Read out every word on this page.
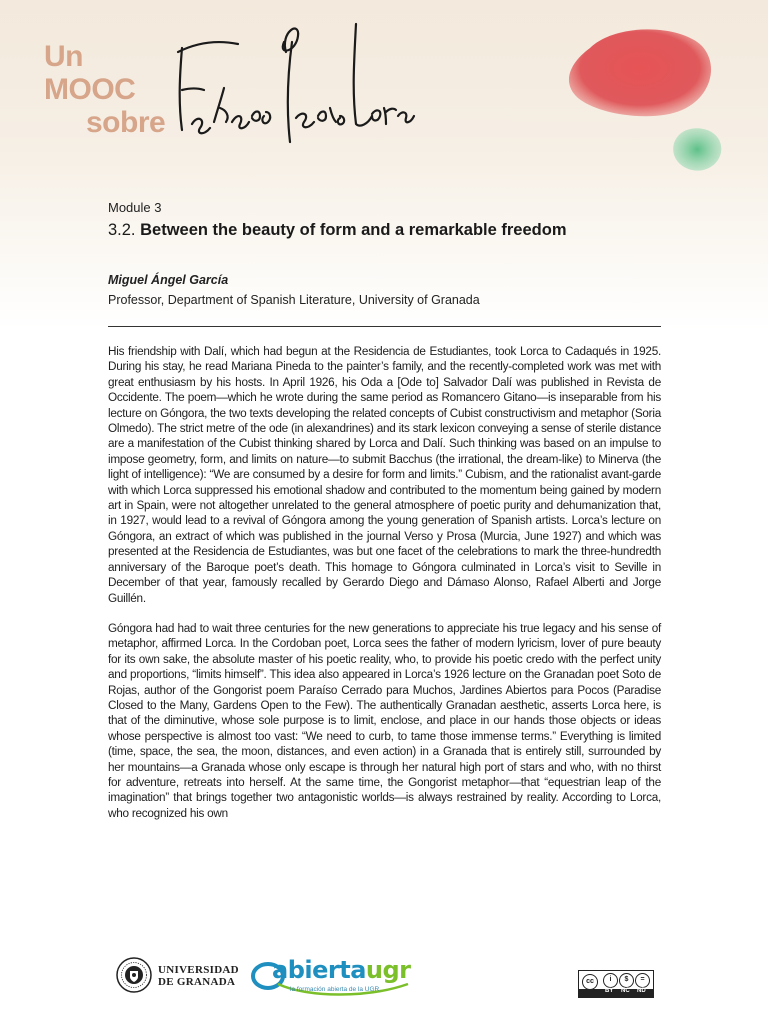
Un MOOC
sobre
Module 3
3.2. Between the beauty of form and a remarkable freedom
Miguel Ángel García
Professor, Department of Spanish Literature, University of Granada

His friendship with Dalí, which had begun at the Residencia de Estudiantes, took Lorca to Cadaqués in 1925. During his stay, he read Mariana Pineda to the painter’s family, and the recently-completed work was met with great enthusiasm by his hosts. In April 1926, his Oda a [Ode to] Salvador Dalí was published in Revista de Occidente. The poem—which he wrote during the same period as Romancero Gitano—is inseparable from his lecture on Góngora, the two texts developing the related concepts of Cubist constructivism and metaphor (Soria Olmedo). The strict metre of the ode (in alexandrines) and its stark lexicon conveying a sense of sterile distance are a manifestation of the Cubist thinking shared by Lorca and Dalí. Such thinking was based on an impulse to impose geometry, form, and limits on nature—to submit Bacchus (the irrational, the dream-like) to Minerva (the light of intelligence): “We are consumed by a desire for form and limits.” Cubism, and the rationalist avant-garde with which Lorca suppressed his emotional shadow and contributed to the momentum being gained by modern art in Spain, were not altogether unrelated to the general atmosphere of poetic purity and dehumanization that, in 1927, would lead to a revival of Góngora among the young generation of Spanish artists. Lorca’s lecture on Góngora, an extract of which was published in the journal Verso y Prosa (Murcia, June 1927) and which was presented at the Residencia de Estudiantes, was but one facet of the celebrations to mark the three-hundredth anniversary of the Baroque poet’s death. This homage to Góngora culminated in Lorca’s visit to Seville in December of that year, famously recalled by Gerardo Diego and Dámaso Alonso, Rafael Alberti and Jorge Guillén.

Góngora had had to wait three centuries for the new generations to appreciate his true legacy and his sense of metaphor, affirmed Lorca. In the Cordoban poet, Lorca sees the father of modern lyricism, lover of pure beauty for its own sake, the absolute master of his poetic reality, who, to provide his poetic credo with the perfect unity and proportions, “limits himself”. This idea also appeared in Lorca’s 1926 lecture on the Granadan poet Soto de Rojas, author of the Gongorist poem Paraíso Cerrado para Muchos, Jardines Abiertos para Pocos (Paradise Closed to the Many, Gardens Open to the Few). The authentically Granadan aesthetic, asserts Lorca here, is that of the diminutive, whose sole purpose is to limit, enclose, and place in our hands those objects or ideas whose perspective is almost too vast: “We need to curb, to tame those immense terms.” Everything is limited (time, space, the sea, the moon, distances, and even action) in a Granada that is entirely still, surrounded by her mountains—a Granada whose only escape is through her natural high port of stars and who, with no thirst for adventure, retreats into herself. At the same time, the Gongorist metaphor—that “equestrian leap of the imagination” that brings together two antagonistic worlds—is always restrained by reality. According to Lorca, who recognized his own

UNIVERSIDAD
DE GRANADA abiertaugr
la formación abierta de la UGR
cc	i	$	=
BY NC ND
